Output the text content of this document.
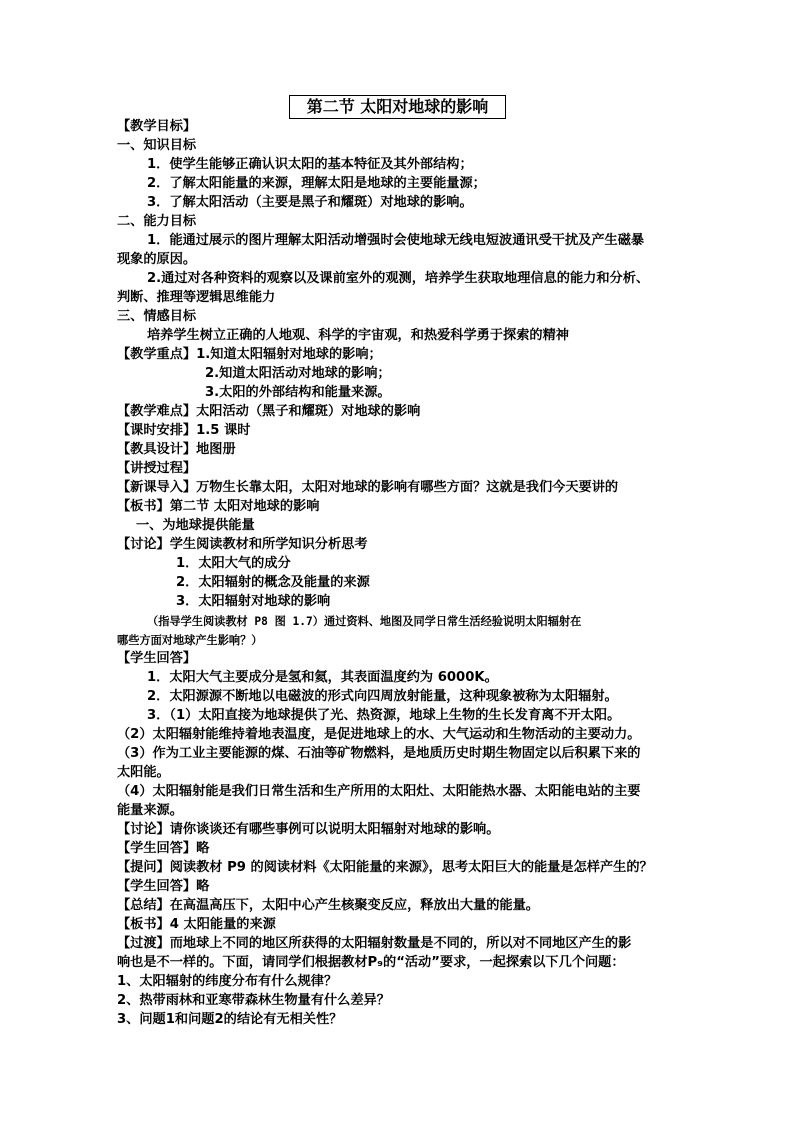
第二节 太阳对地球的影响
【教学目标】
一、知识目标
1．使学生能够正确认识太阳的基本特征及其外部结构；
2．了解太阳能量的来源，理解太阳是地球的主要能量源；
3．了解太阳活动（主要是黑子和耀斑）对地球的影响。
二、能力目标
1．能通过展示的图片理解太阳活动增强时会使地球无线电短波通讯受干扰及产生磁暴
现象的原因。
2.通过对各种资料的观察以及课前室外的观测，培养学生获取地理信息的能力和分析、
判断、推理等逻辑思维能力
三、情感目标
培养学生树立正确的人地观、科学的宇宙观，和热爱科学勇于探索的精神
【教学重点】1.知道太阳辐射对地球的影响；
2.知道太阳活动对地球的影响；
3.太阳的外部结构和能量来源。
【教学难点】太阳活动（黑子和耀斑）对地球的影响
【课时安排】1.5 课时
【教具设计】地图册
【讲授过程】
【新课导入】万物生长靠太阳，太阳对地球的影响有哪些方面？这就是我们今天要讲的
【板书】第二节 太阳对地球的影响
一、为地球提供能量
【讨论】学生阅读教材和所学知识分析思考
1．太阳大气的成分
2．太阳辐射的概念及能量的来源
3．太阳辐射对地球的影响
（指导学生阅读教材 P8 图 1.7）通过资料、地图及同学日常生活经验说明太阳辐射在
哪些方面对地球产生影响？）
【学生回答】
1．太阳大气主要成分是氢和氦，其表面温度约为 6000K。
2．太阳源源不断地以电磁波的形式向四周放射能量，这种现象被称为太阳辐射。
3．（1）太阳直接为地球提供了光、热资源，地球上生物的生长发育离不开太阳。
（2）太阳辐射能维持着地表温度，是促进地球上的水、大气运动和生物活动的主要动力。
（3）作为工业主要能源的煤、石油等矿物燃料，是地质历史时期生物固定以后积累下来的
太阳能。
（4）太阳辐射能是我们日常生活和生产所用的太阳灶、太阳能热水器、太阳能电站的主要
能量来源。
【讨论】请你谈谈还有哪些事例可以说明太阳辐射对地球的影响。
【学生回答】略
【提问】阅读教材 P9 的阅读材料《太阳能量的来源》，思考太阳巨大的能量是怎样产生的？
【学生回答】略
【总结】在高温高压下，太阳中心产生核聚变反应，释放出大量的能量。
【板书】4 太阳能量的来源
【过渡】而地球上不同的地区所获得的太阳辐射数量是不同的，所以对不同地区产生的影
响也是不一样的。下面，请同学们根据教材P₉的“活动”要求，一起探索以下几个问题：
1、太阳辐射的纬度分布有什么规律？
2、热带雨林和亚寒带森林生物量有什么差异？
3、问题1和问题2的结论有无相关性？
